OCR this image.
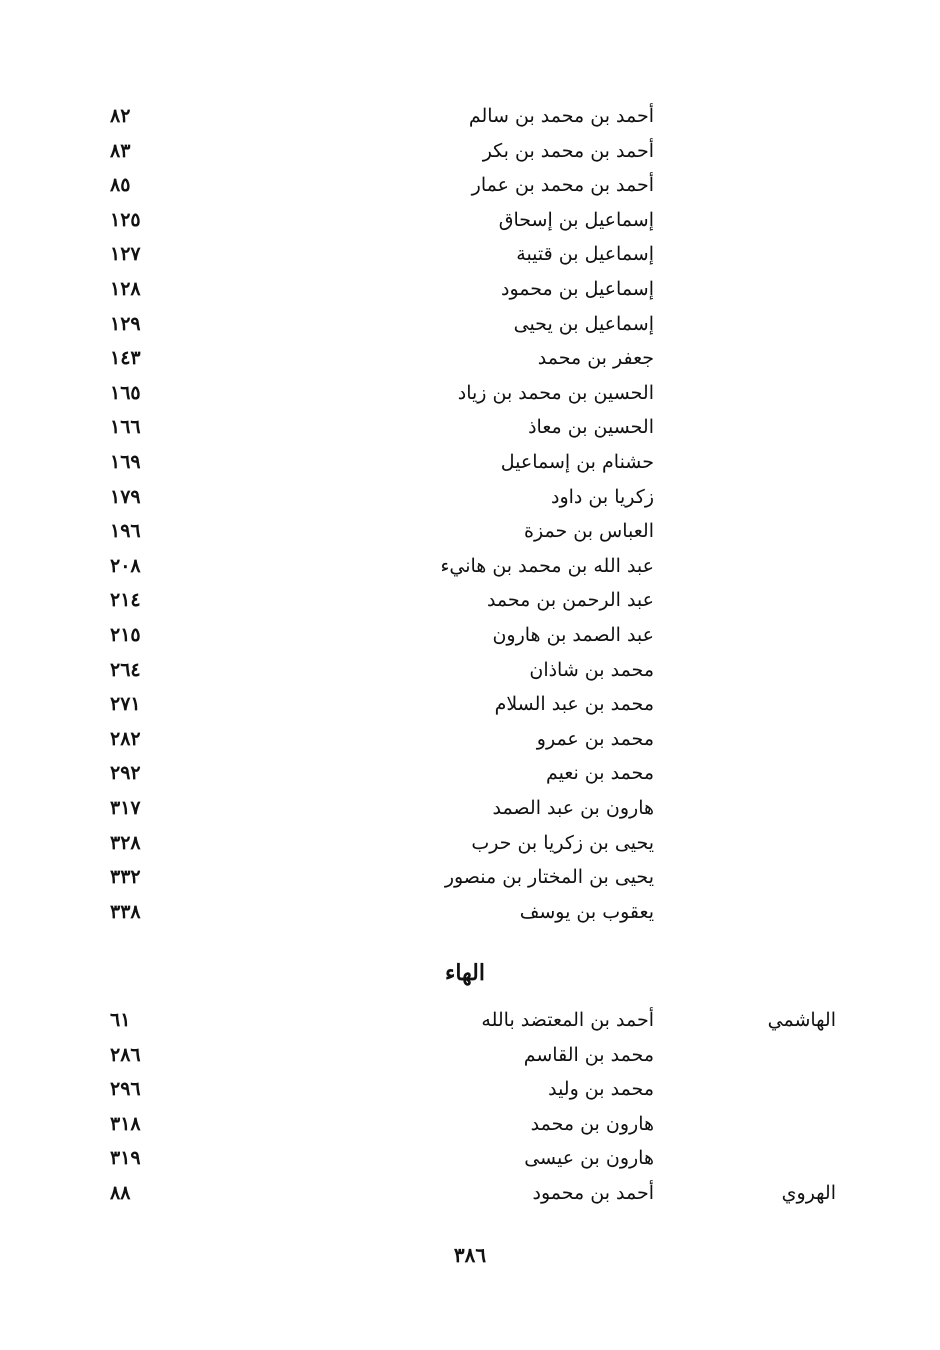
أحمد بن محمد بن سالم
٨٢
أحمد بن محمد بن بكر
٨٣
أحمد بن محمد بن عمار
٨٥
إسماعيل بن إسحاق
١٢٥
إسماعيل بن قتيبة
١٢٧
إسماعيل بن محمود
١٢٨
إسماعيل بن يحيى
١٢٩
جعفر بن محمد
١٤٣
الحسين بن محمد بن زياد
١٦٥
الحسين بن معاذ
١٦٦
حشنام بن إسماعيل
١٦٩
زكريا بن داود
١٧٩
العباس بن حمزة
١٩٦
عبد الله بن محمد بن هانيء
٢٠٨
عبد الرحمن بن محمد
٢١٤
عبد الصمد بن هارون
٢١٥
محمد بن شاذان
٢٦٤
محمد بن عبد السلام
٢٧١
محمد بن عمرو
٢٨٢
محمد بن نعيم
٢٩٢
هارون بن عبد الصمد
٣١٧
يحيى بن زكريا بن حرب
٣٢٨
يحيى بن المختار بن منصور
٣٣٢
يعقوب بن يوسف
٣٣٨
الهاء
الهاشمي
أحمد بن المعتضد بالله
٦١
محمد بن القاسم
٢٨٦
محمد بن وليد
٢٩٦
هارون بن محمد
٣١٨
هارون بن عيسى
٣١٩
الهروي
أحمد بن محمود
٨٨
٣٨٦
